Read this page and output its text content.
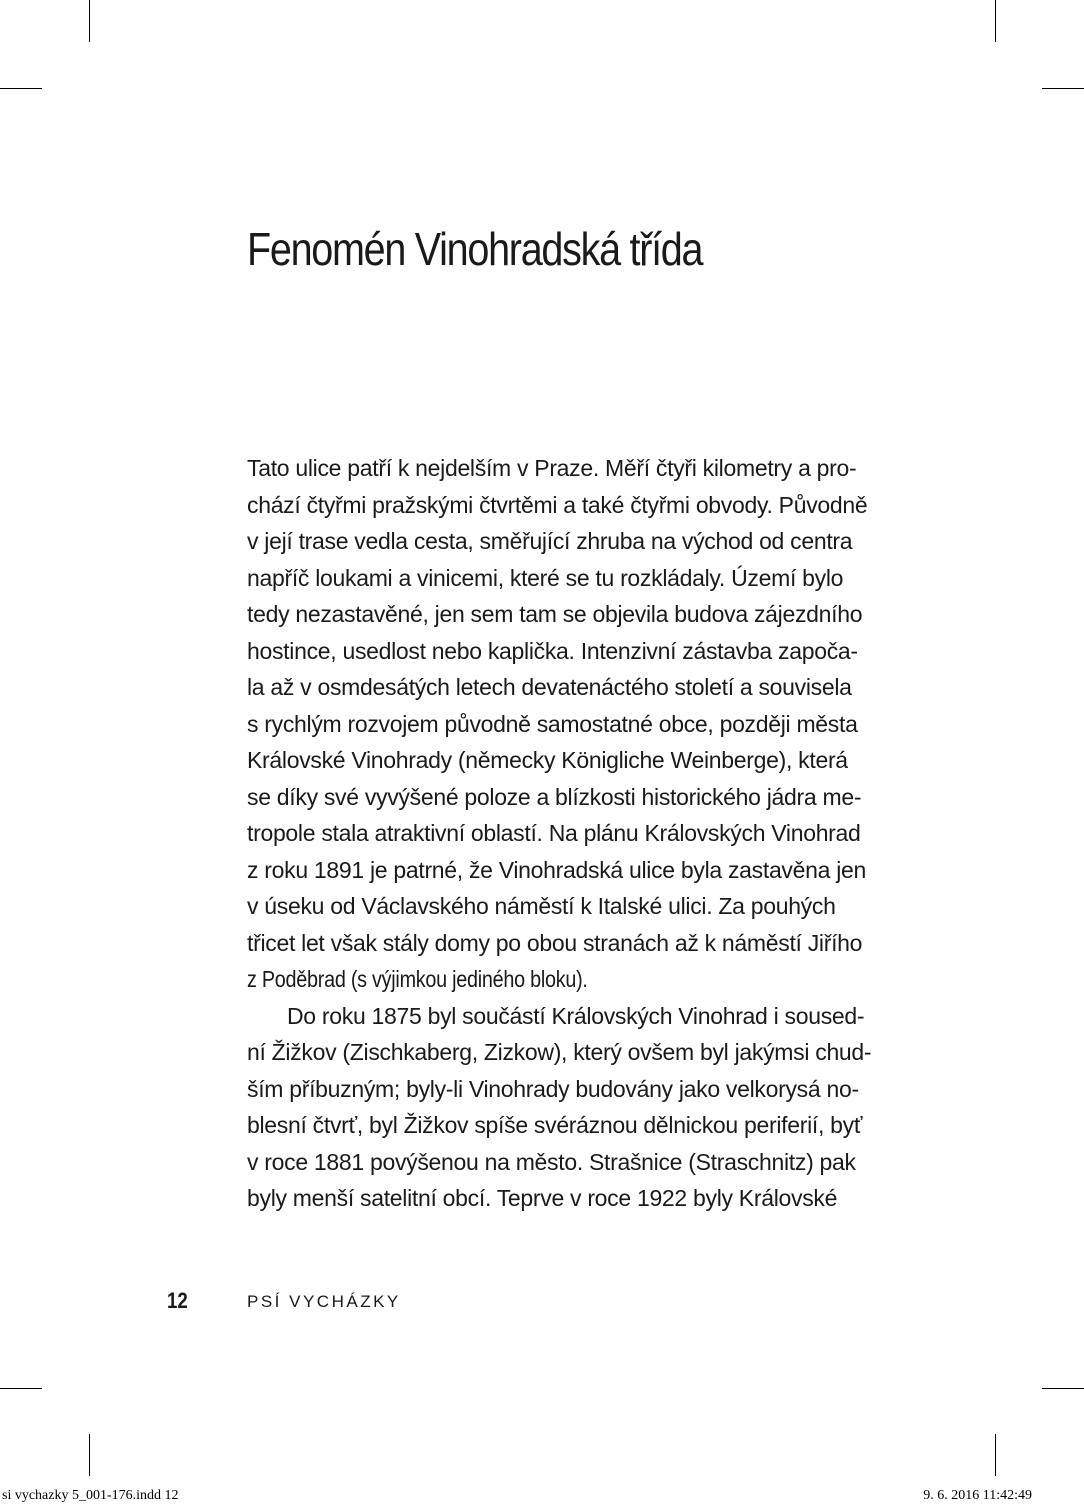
Fenomén Vinohradská třída
Tato ulice patří k nejdelším v Praze. Měří čtyři kilometry a pro-
chází čtyřmi pražskými čtvrtěmi a také čtyřmi obvody. Původně
v její trase vedla cesta, směřující zhruba na východ od centra
napříč loukami a vinicemi, které se tu rozkládaly. Území bylo
tedy nezastavěné, jen sem tam se objevila budova zájezdního
hostince, usedlost nebo kaplička. Intenzivní zástavba započa-
la až v osmdesátých letech devatenáctého století a souvisela
s rychlým rozvojem původně samostatné obce, později města
Královské Vinohrady (německy Königliche Weinberge), která
se díky své vyvýšené poloze a blízkosti historického jádra me-
tropole stala atraktivní oblastí. Na plánu Královských Vinohrad
z roku 1891 je patrné, že Vinohradská ulice byla zastavěna jen
v úseku od Václavského náměstí k Italské ulici. Za pouhých
třicet let však stály domy po obou stranách až k náměstí Jiřího
z Poděbrad (s výjimkou jediného bloku).
Do roku 1875 byl součástí Královských Vinohrad i soused-
ní Žižkov (Zischkaberg, Zizkow), který ovšem byl jakýmsi chud-
ším příbuzným; byly-li Vinohrady budovány jako velkorysá no-
blesní čtvrť, byl Žižkov spíše svéráznou dělnickou periferií, byť
v roce 1881 povýšenou na město. Strašnice (Straschnitz) pak
byly menší satelitní obcí. Teprve v roce 1922 byly Královské
12	PSÍ VYCHÁZKY
si vychazky 5_001-176.indd 12	9. 6. 2016 11:42:49
